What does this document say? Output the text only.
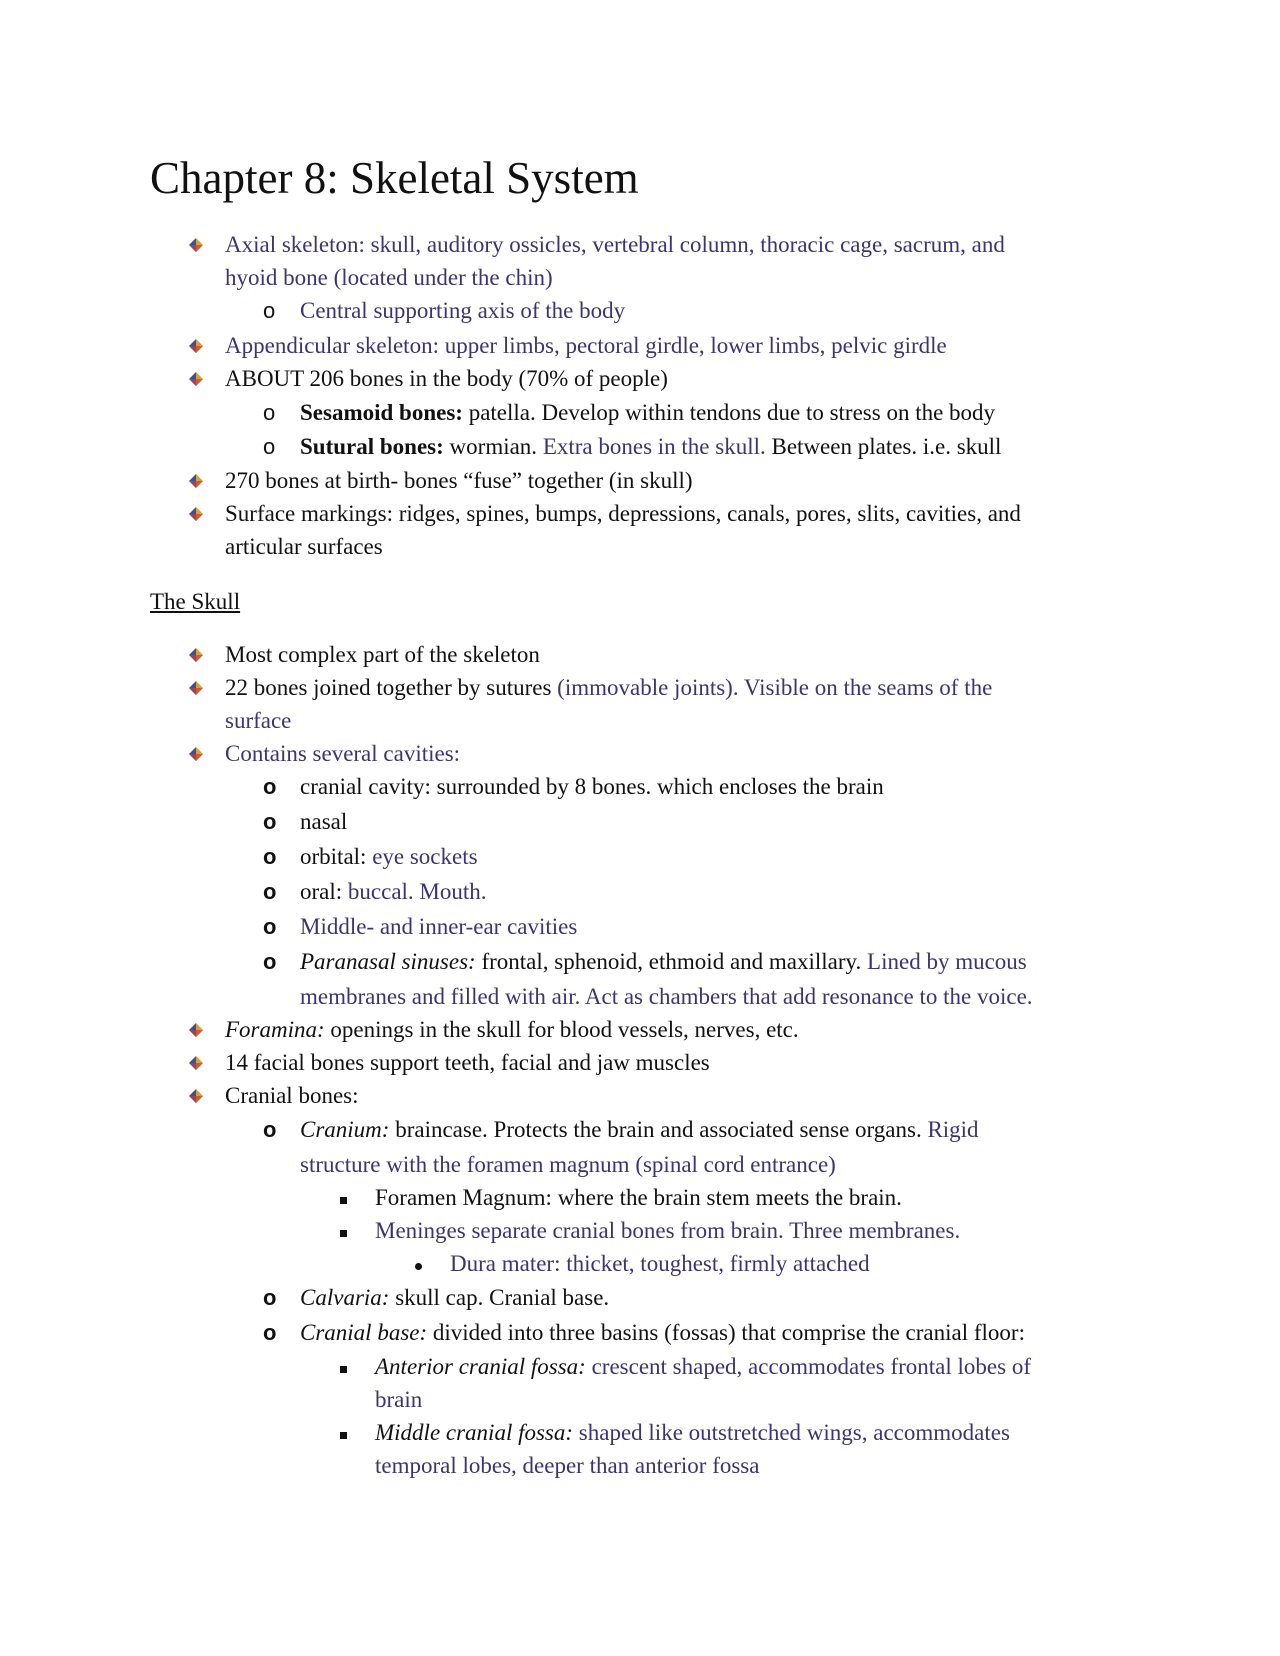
Chapter 8: Skeletal System
Axial skeleton: skull, auditory ossicles, vertebral column, thoracic cage, sacrum, and
hyoid bone (located under the chin)
o Central supporting axis of the body
Appendicular skeleton: upper limbs, pectoral girdle, lower limbs, pelvic girdle
ABOUT 206 bones in the body (70% of people)
o Sesamoid bones: patella. Develop within tendons due to stress on the body
o Sutural bones: wormian. Extra bones in the skull. Between plates. i.e. skull
270 bones at birth- bones “fuse” together (in skull)
Surface markings: ridges, spines, bumps, depressions, canals, pores, slits, cavities, and
articular surfaces
The Skull
Most complex part of the skeleton
22 bones joined together by sutures (immovable joints). Visible on the seams of the
surface
Contains several cavities:
o cranial cavity: surrounded by 8 bones. which encloses the brain
o nasal
o orbital: eye sockets
o oral: buccal. Mouth.
o Middle- and inner-ear cavities
o Paranasal sinuses: frontal, sphenoid, ethmoid and maxillary. Lined by mucous
membranes and filled with air. Act as chambers that add resonance to the voice.
Foramina: openings in the skull for blood vessels, nerves, etc.
14 facial bones support teeth, facial and jaw muscles
Cranial bones:
o Cranium: braincase. Protects the brain and associated sense organs. Rigid
structure with the foramen magnum (spinal cord entrance)
Foramen Magnum: where the brain stem meets the brain.
Meninges separate cranial bones from brain. Three membranes.
Dura mater: thicket, toughest, firmly attached
o Calvaria: skull cap. Cranial base.
o Cranial base: divided into three basins (fossas) that comprise the cranial floor:
Anterior cranial fossa: crescent shaped, accommodates frontal lobes of
brain
Middle cranial fossa: shaped like outstretched wings, accommodates
temporal lobes, deeper than anterior fossa
